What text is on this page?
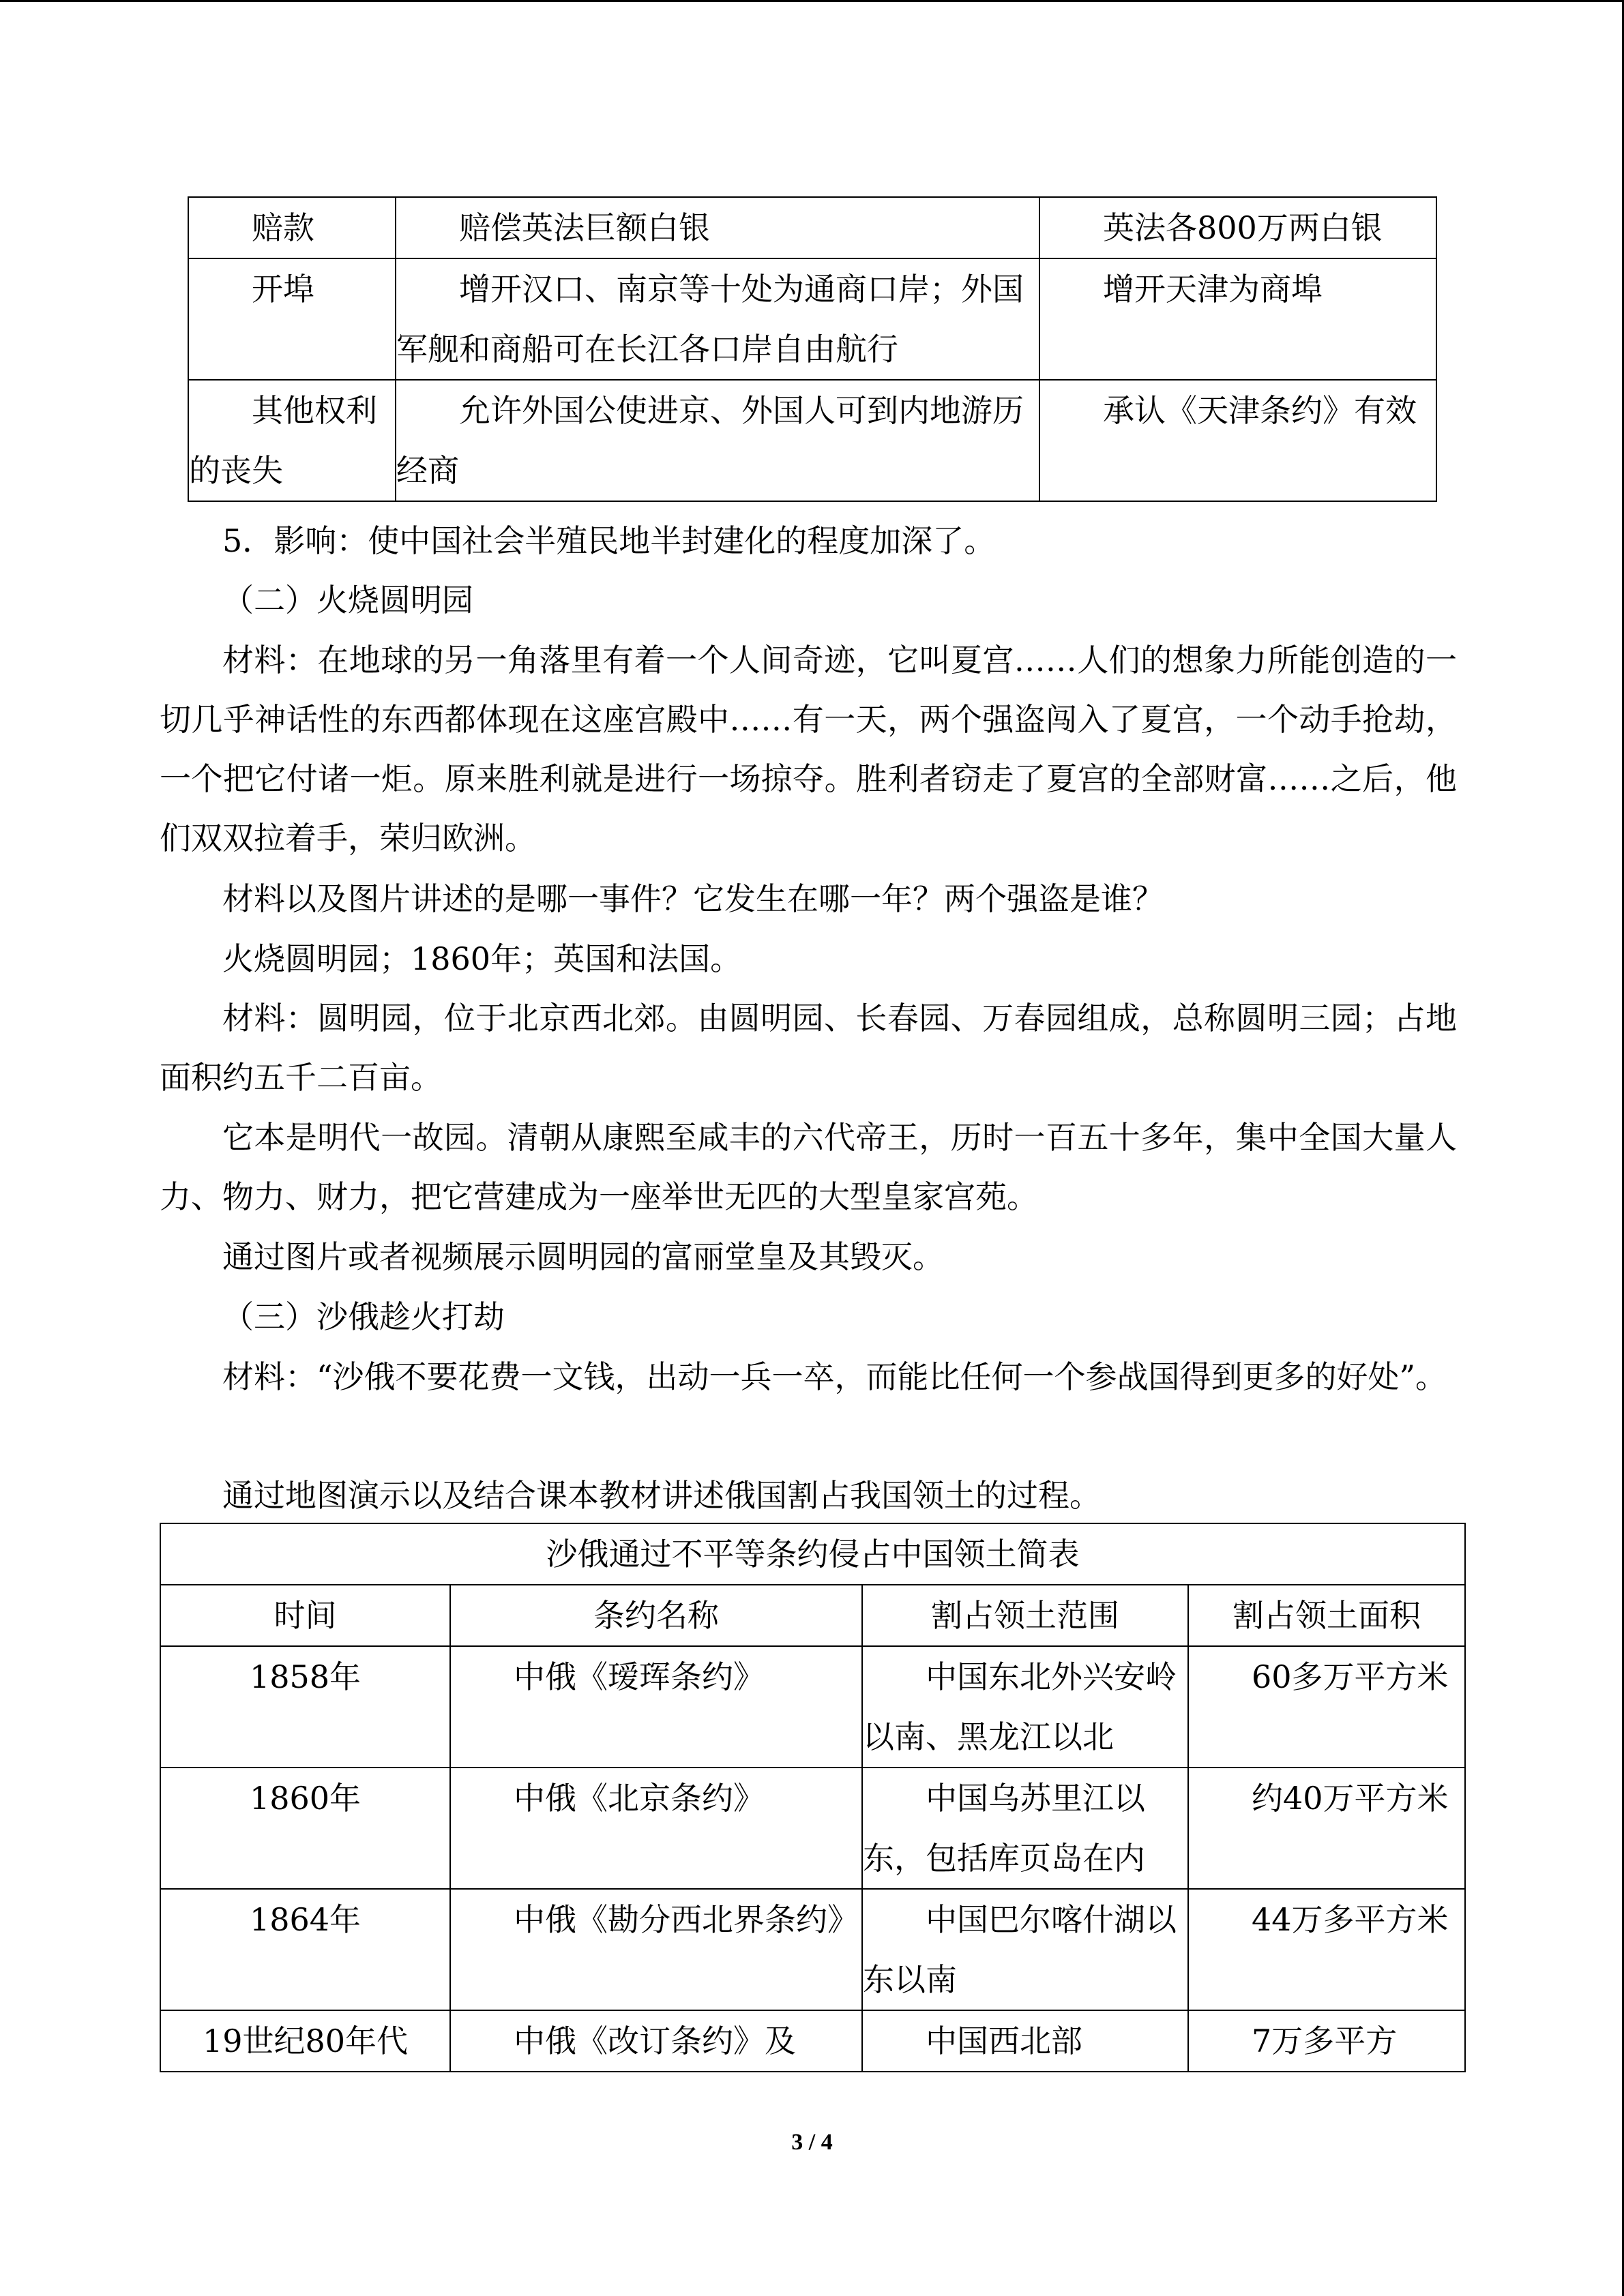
赔款	赔偿英法巨额白银	英法各800万两白银
开埠	增开汉口、南京等十处为通商口岸；外国军舰和商船可在长江各口岸自由航行	增开天津为商埠
其他权利的丧失	允许外国公使进京、外国人可到内地游历经商	承认《天津条约》有效

5．影响：使中国社会半殖民地半封建化的程度加深了。

（二）火烧圆明园

材料：在地球的另一角落里有着一个人间奇迹，它叫夏宫……人们的想象力所能创造的一切几乎神话性的东西都体现在这座宫殿中……有一天，两个强盗闯入了夏宫，一个动手抢劫，一个把它付诸一炬。原来胜利就是进行一场掠夺。胜利者窃走了夏宫的全部财富……之后，他们双双拉着手，荣归欧洲。

材料以及图片讲述的是哪一事件？它发生在哪一年？两个强盗是谁？

火烧圆明园；1860年；英国和法国。

材料：圆明园，位于北京西北郊。由圆明园、长春园、万春园组成，总称圆明三园；占地面积约五千二百亩。

它本是明代一故园。清朝从康熙至咸丰的六代帝王，历时一百五十多年，集中全国大量人力、物力、财力，把它营建成为一座举世无匹的大型皇家宫苑。

通过图片或者视频展示圆明园的富丽堂皇及其毁灭。

（三）沙俄趁火打劫

材料：“沙俄不要花费一文钱，出动一兵一卒，而能比任何一个参战国得到更多的好处”。

通过地图演示以及结合课本教材讲述俄国割占我国领土的过程。

沙俄通过不平等条约侵占中国领土简表			
时间	条约名称	割占领土范围	割占领土面积
1858年	中俄《瑷珲条约》	中国东北外兴安岭以南、黑龙江以北	60多万平方米
1860年	中俄《北京条约》	中国乌苏里江以东，包括库页岛在内	约40万平方米
1864年	中俄《勘分西北界条约》	中国巴尔喀什湖以东以南	44万多平方米
19世纪80年代	中俄《改订条约》及	中国西北部	7万多平方
3 / 4
